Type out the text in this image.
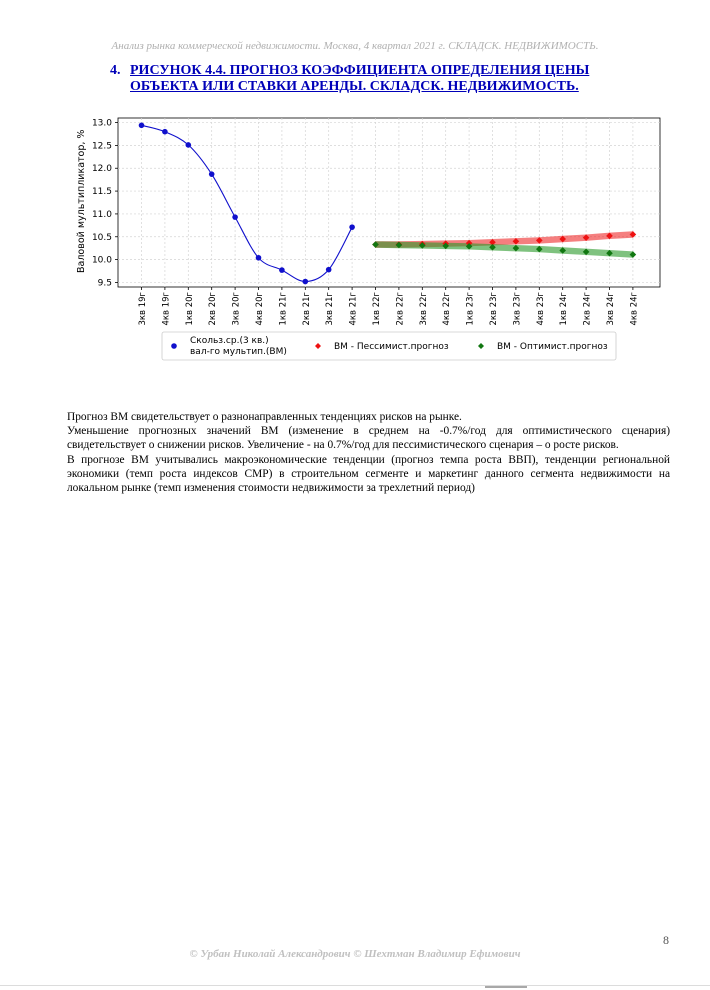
Анализ рынка коммерческой недвижимости. Москва, 4 квартал 2021 г. СКЛАДСК. НЕДВИЖИМОСТЬ.
4. РИСУНОК 4.4. ПРОГНОЗ КОЭФФИЦИЕНТА ОПРЕДЕЛЕНИЯ ЦЕНЫ
ОБЪЕКТА ИЛИ СТАВКИ АРЕНДЫ. СКЛАДСК. НЕДВИЖИМОСТЬ.
9.5
10.0
10.5
11.0
11.5
12.0
12.5
13.0
3кв 19г 4кв 19г 1кв 20г 2кв 20г 3кв 20г 4кв 20г 1кв 21г 2кв 21г 3кв 21г 4кв 21г 1кв 22г 2кв 22г 3кв 22г 4кв 22г 1кв 23г 2кв 23г 3кв 23г 4кв 23г 1кв 24г 2кв 24г 3кв 24г 4кв 24г
Валовой мультипликатор, %
Скольз.ср.(3 кв.)
вал-го мультип.(ВМ)	ВМ - Пессимист.прогноз	ВМ - Оптимист.прогноз

Прогноз ВМ свидетельствует о разнонаправленных тенденциях рисков на рынке.

Уменьшение прогнозных значений ВМ (изменение в среднем на -0.7%/год для оптимистического сценария) свидетельствует о снижении рисков. Увеличение - на 0.7%/год для пессимистического сценария – о росте рисков.

В прогнозе ВМ учитывались макроэкономические тенденции (прогноз темпа роста ВВП), тенденции региональной экономики (темп роста индексов СМР) в строительном сегменте и маркетинг данного сегмента недвижимости на локальном рынке (темп изменения стоимости недвижимости за трехлетний период)

8
© Урбан Николай Александрович © Шехтман Владимир Ефимович
